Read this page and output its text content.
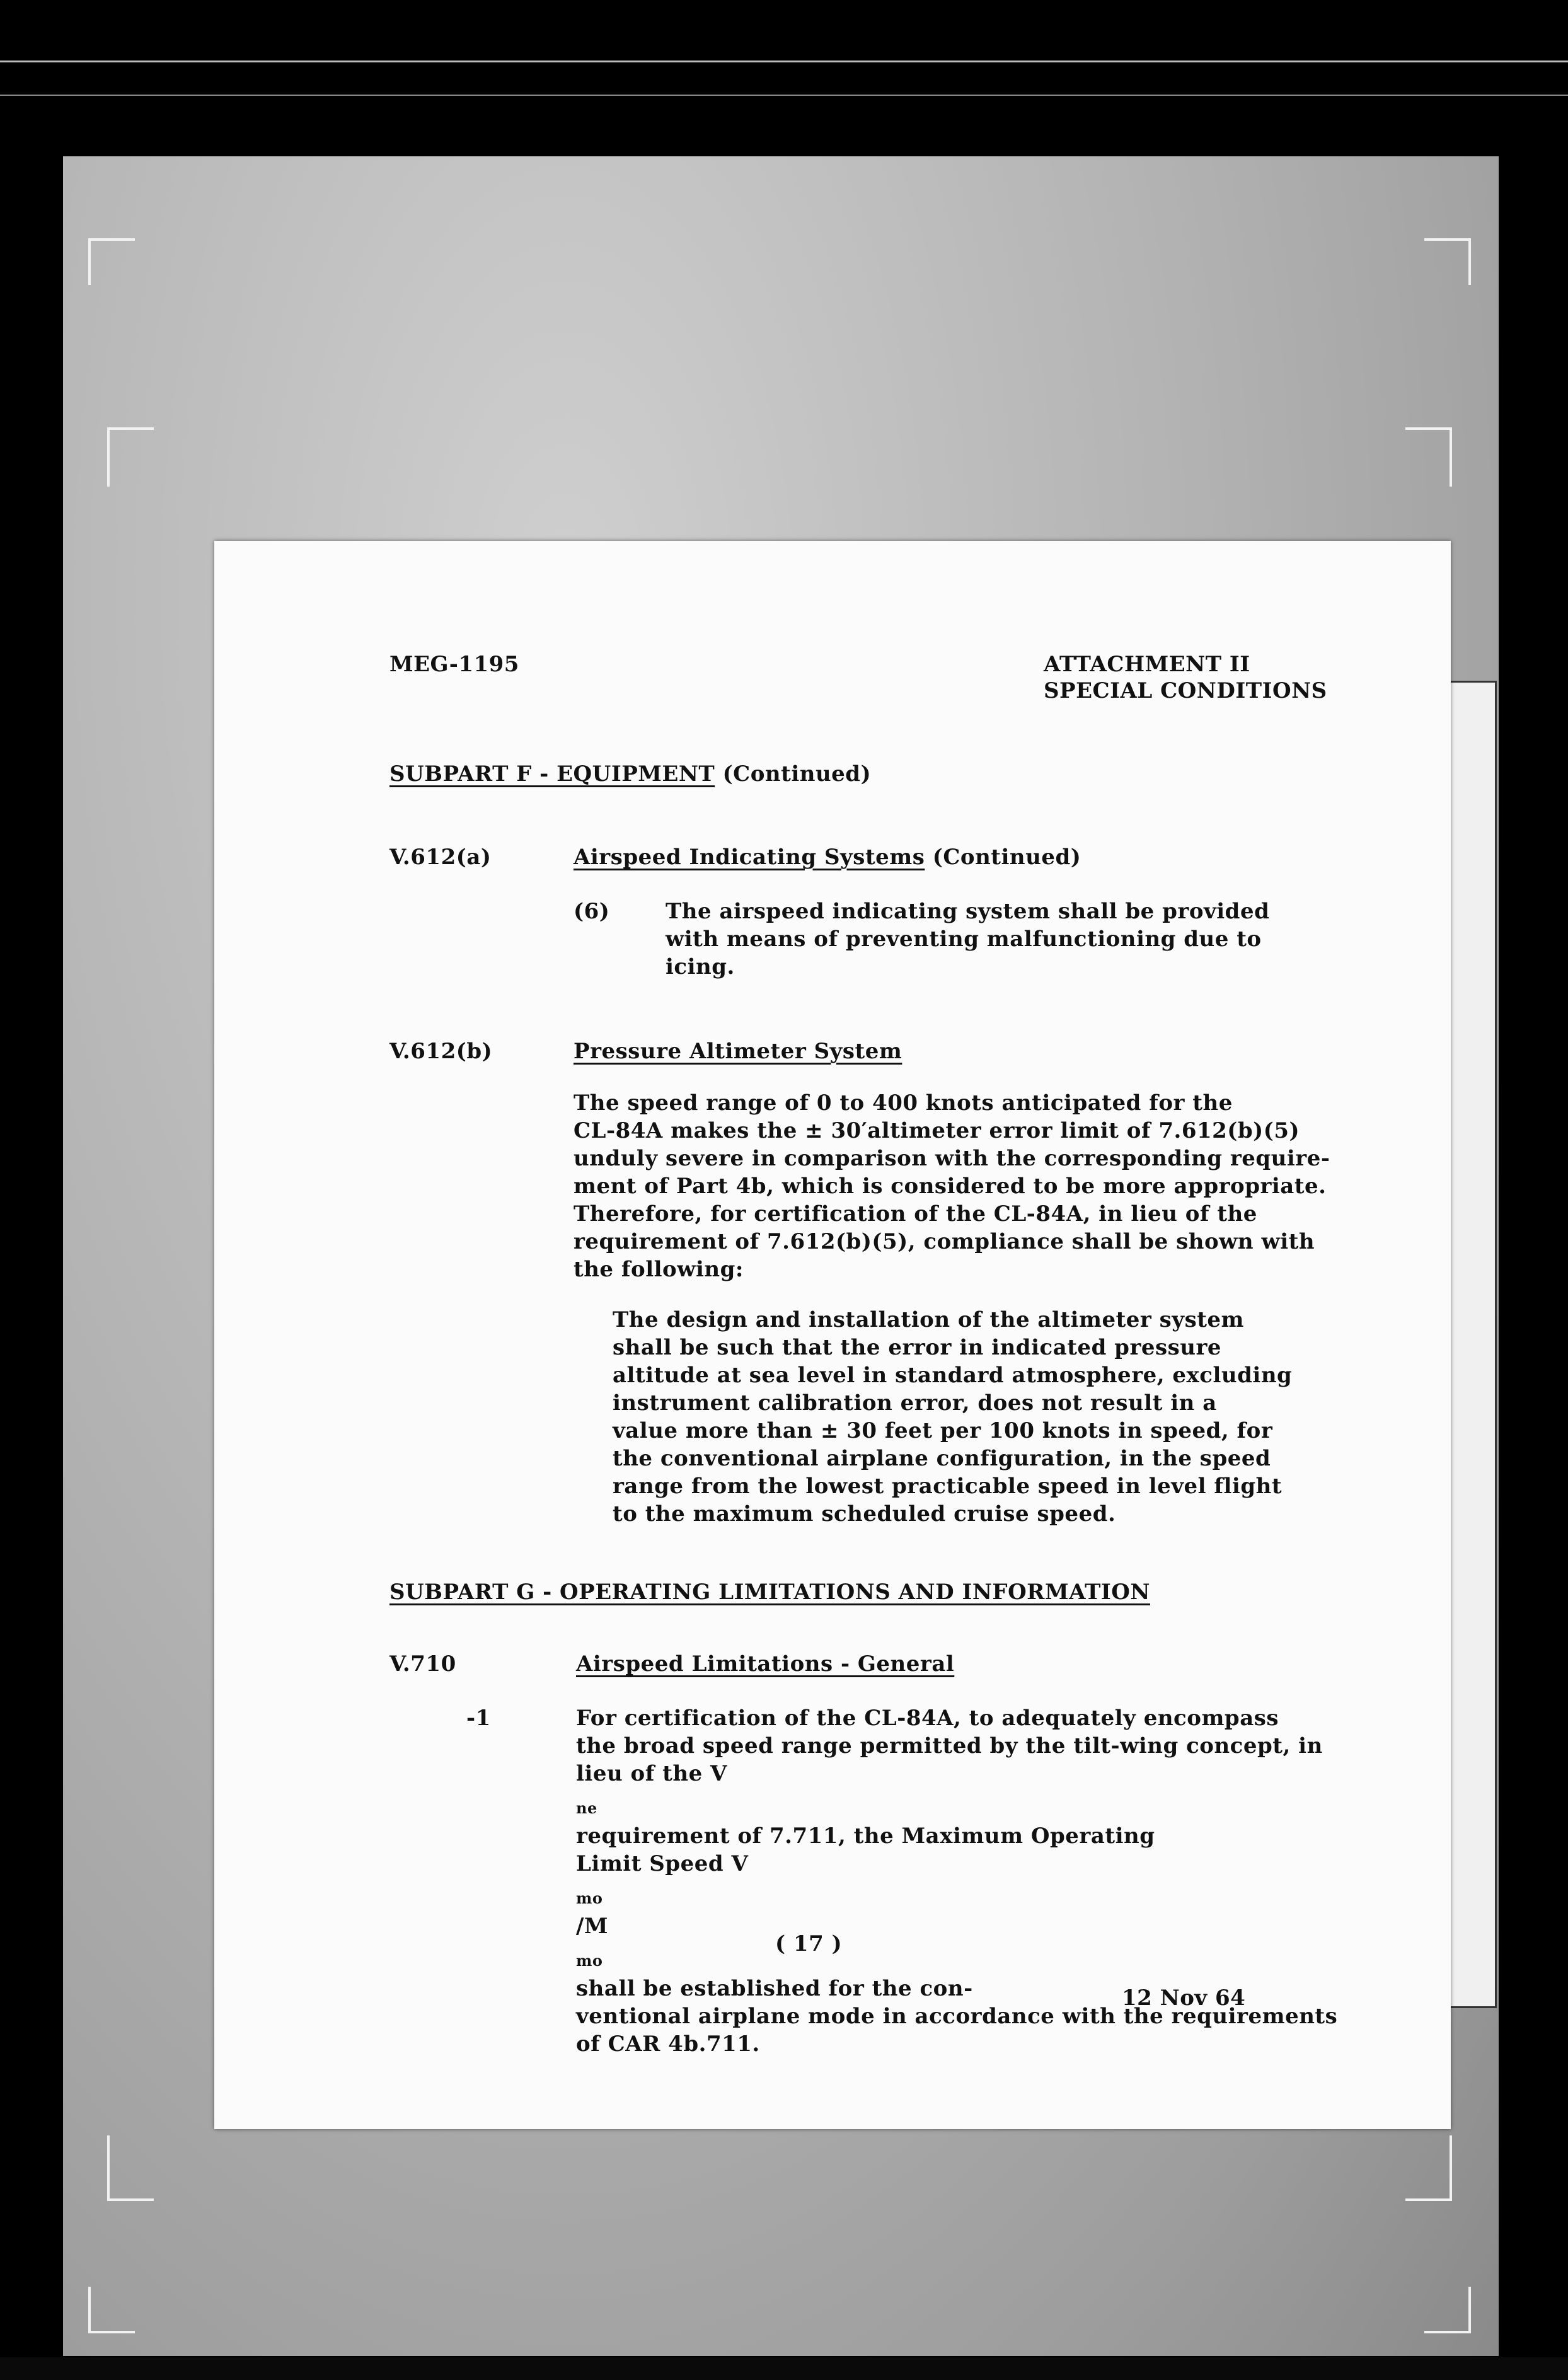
MEG-1195	ATTACHMENT II
SPECIAL CONDITIONS
SUBPART F - EQUIPMENT (Continued)
V.612(a)	Airspeed Indicating Systems (Continued)
(6)	The airspeed indicating system shall be provided
with means of preventing malfunctioning due to
icing.
V.612(b)	Pressure Altimeter System
The speed range of 0 to 400 knots anticipated for the
CL-84A makes the ± 30′altimeter error limit of 7.612(b)(5)
unduly severe in comparison with the corresponding require-
ment of Part 4b, which is considered to be more appropriate.
Therefore, for certification of the CL-84A, in lieu of the
requirement of 7.612(b)(5), compliance shall be shown with
the following:
The design and installation of the altimeter system
shall be such that the error in indicated pressure
altitude at sea level in standard atmosphere, excluding
instrument calibration error, does not result in a
value more than ± 30 feet per 100 knots in speed, for
the conventional airplane configuration, in the speed
range from the lowest practicable speed in level flight
to the maximum scheduled cruise speed.
SUBPART G - OPERATING LIMITATIONS AND INFORMATION
V.710	Airspeed Limitations - General
-1	For certification of the CL-84A, to adequately encompass
the broad speed range permitted by the tilt-wing concept, in
lieu of the V
$_{ne}$
requirement of 7.711, the Maximum Operating
Limit Speed V
$_{mo}$
/M
$_{mo}$
shall be established for the con-
ventional airplane mode in accordance with the requirements
of CAR 4b.711.
( 17 )
12 Nov 64
